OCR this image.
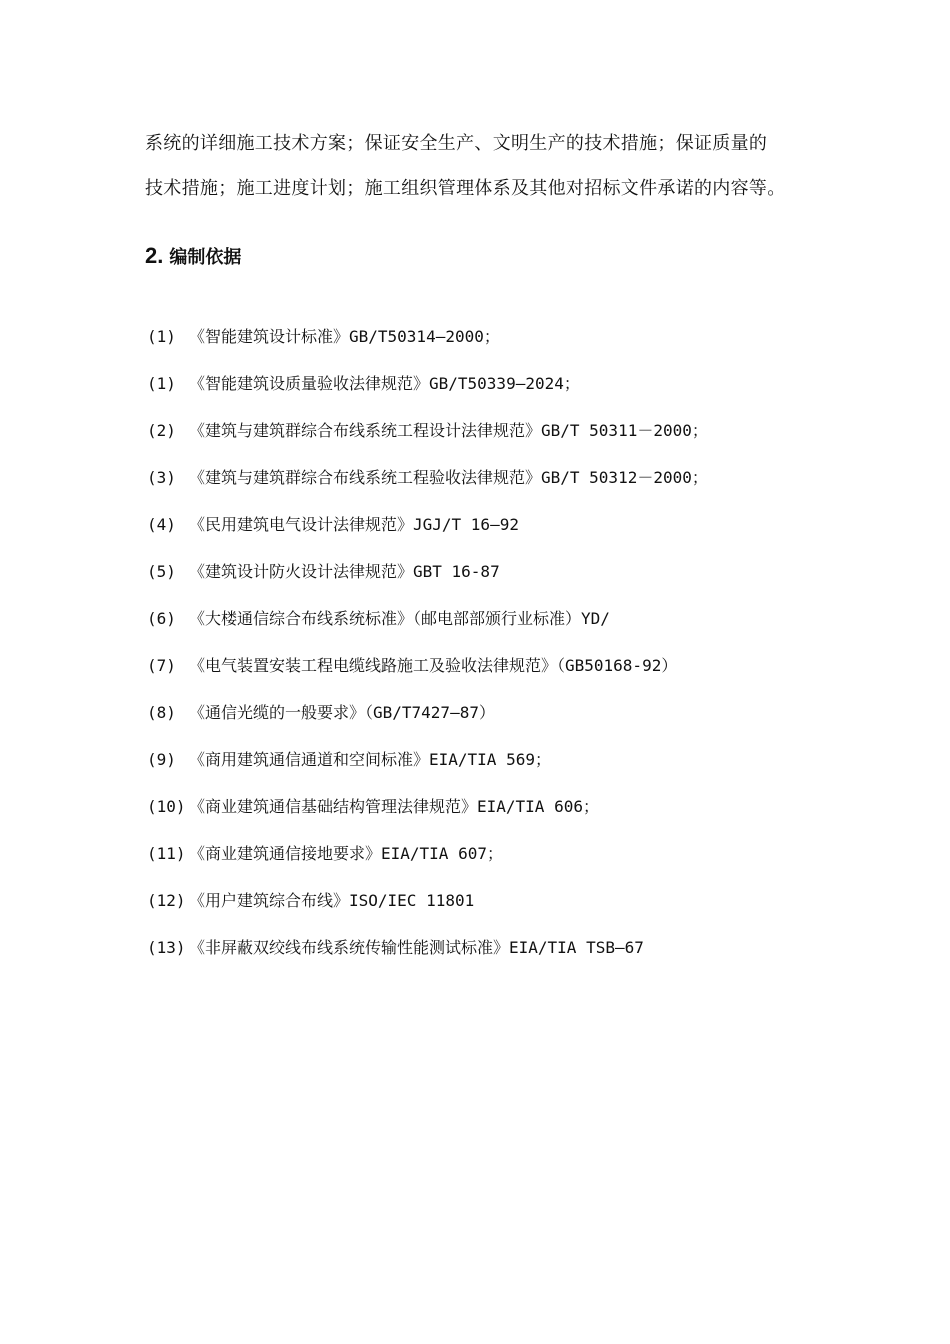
系统的详细施工技术方案；保证安全生产、文明生产的技术措施；保证质量的

技术措施；施工进度计划；施工组织管理体系及其他对招标文件承诺的内容等。

2. 编制依据
(1) 《智能建筑设计标准》GB/T50314—2000；
(1) 《智能建筑设质量验收法律规范》GB/T50339—2024；
(2) 《建筑与建筑群综合布线系统工程设计法律规范》GB/T 50311－2000；
(3) 《建筑与建筑群综合布线系统工程验收法律规范》GB/T 50312－2000；
(4) 《民用建筑电气设计法律规范》JGJ/T 16—92
(5) 《建筑设计防火设计法律规范》GBT 16-87
(6) 《大楼通信综合布线系统标准》（邮电部部颁行业标准）YD/
(7) 《电气装置安装工程电缆线路施工及验收法律规范》（GB50168-92）
(8) 《通信光缆的一般要求》（GB/T7427—87）
(9) 《商用建筑通信通道和空间标准》EIA/TIA 569；
(10) 《商业建筑通信基础结构管理法律规范》EIA/TIA 606；
(11) 《商业建筑通信接地要求》EIA/TIA 607；
(12) 《用户建筑综合布线》ISO/IEC 11801
(13) 《非屏蔽双绞线布线系统传输性能测试标准》EIA/TIA TSB—67
